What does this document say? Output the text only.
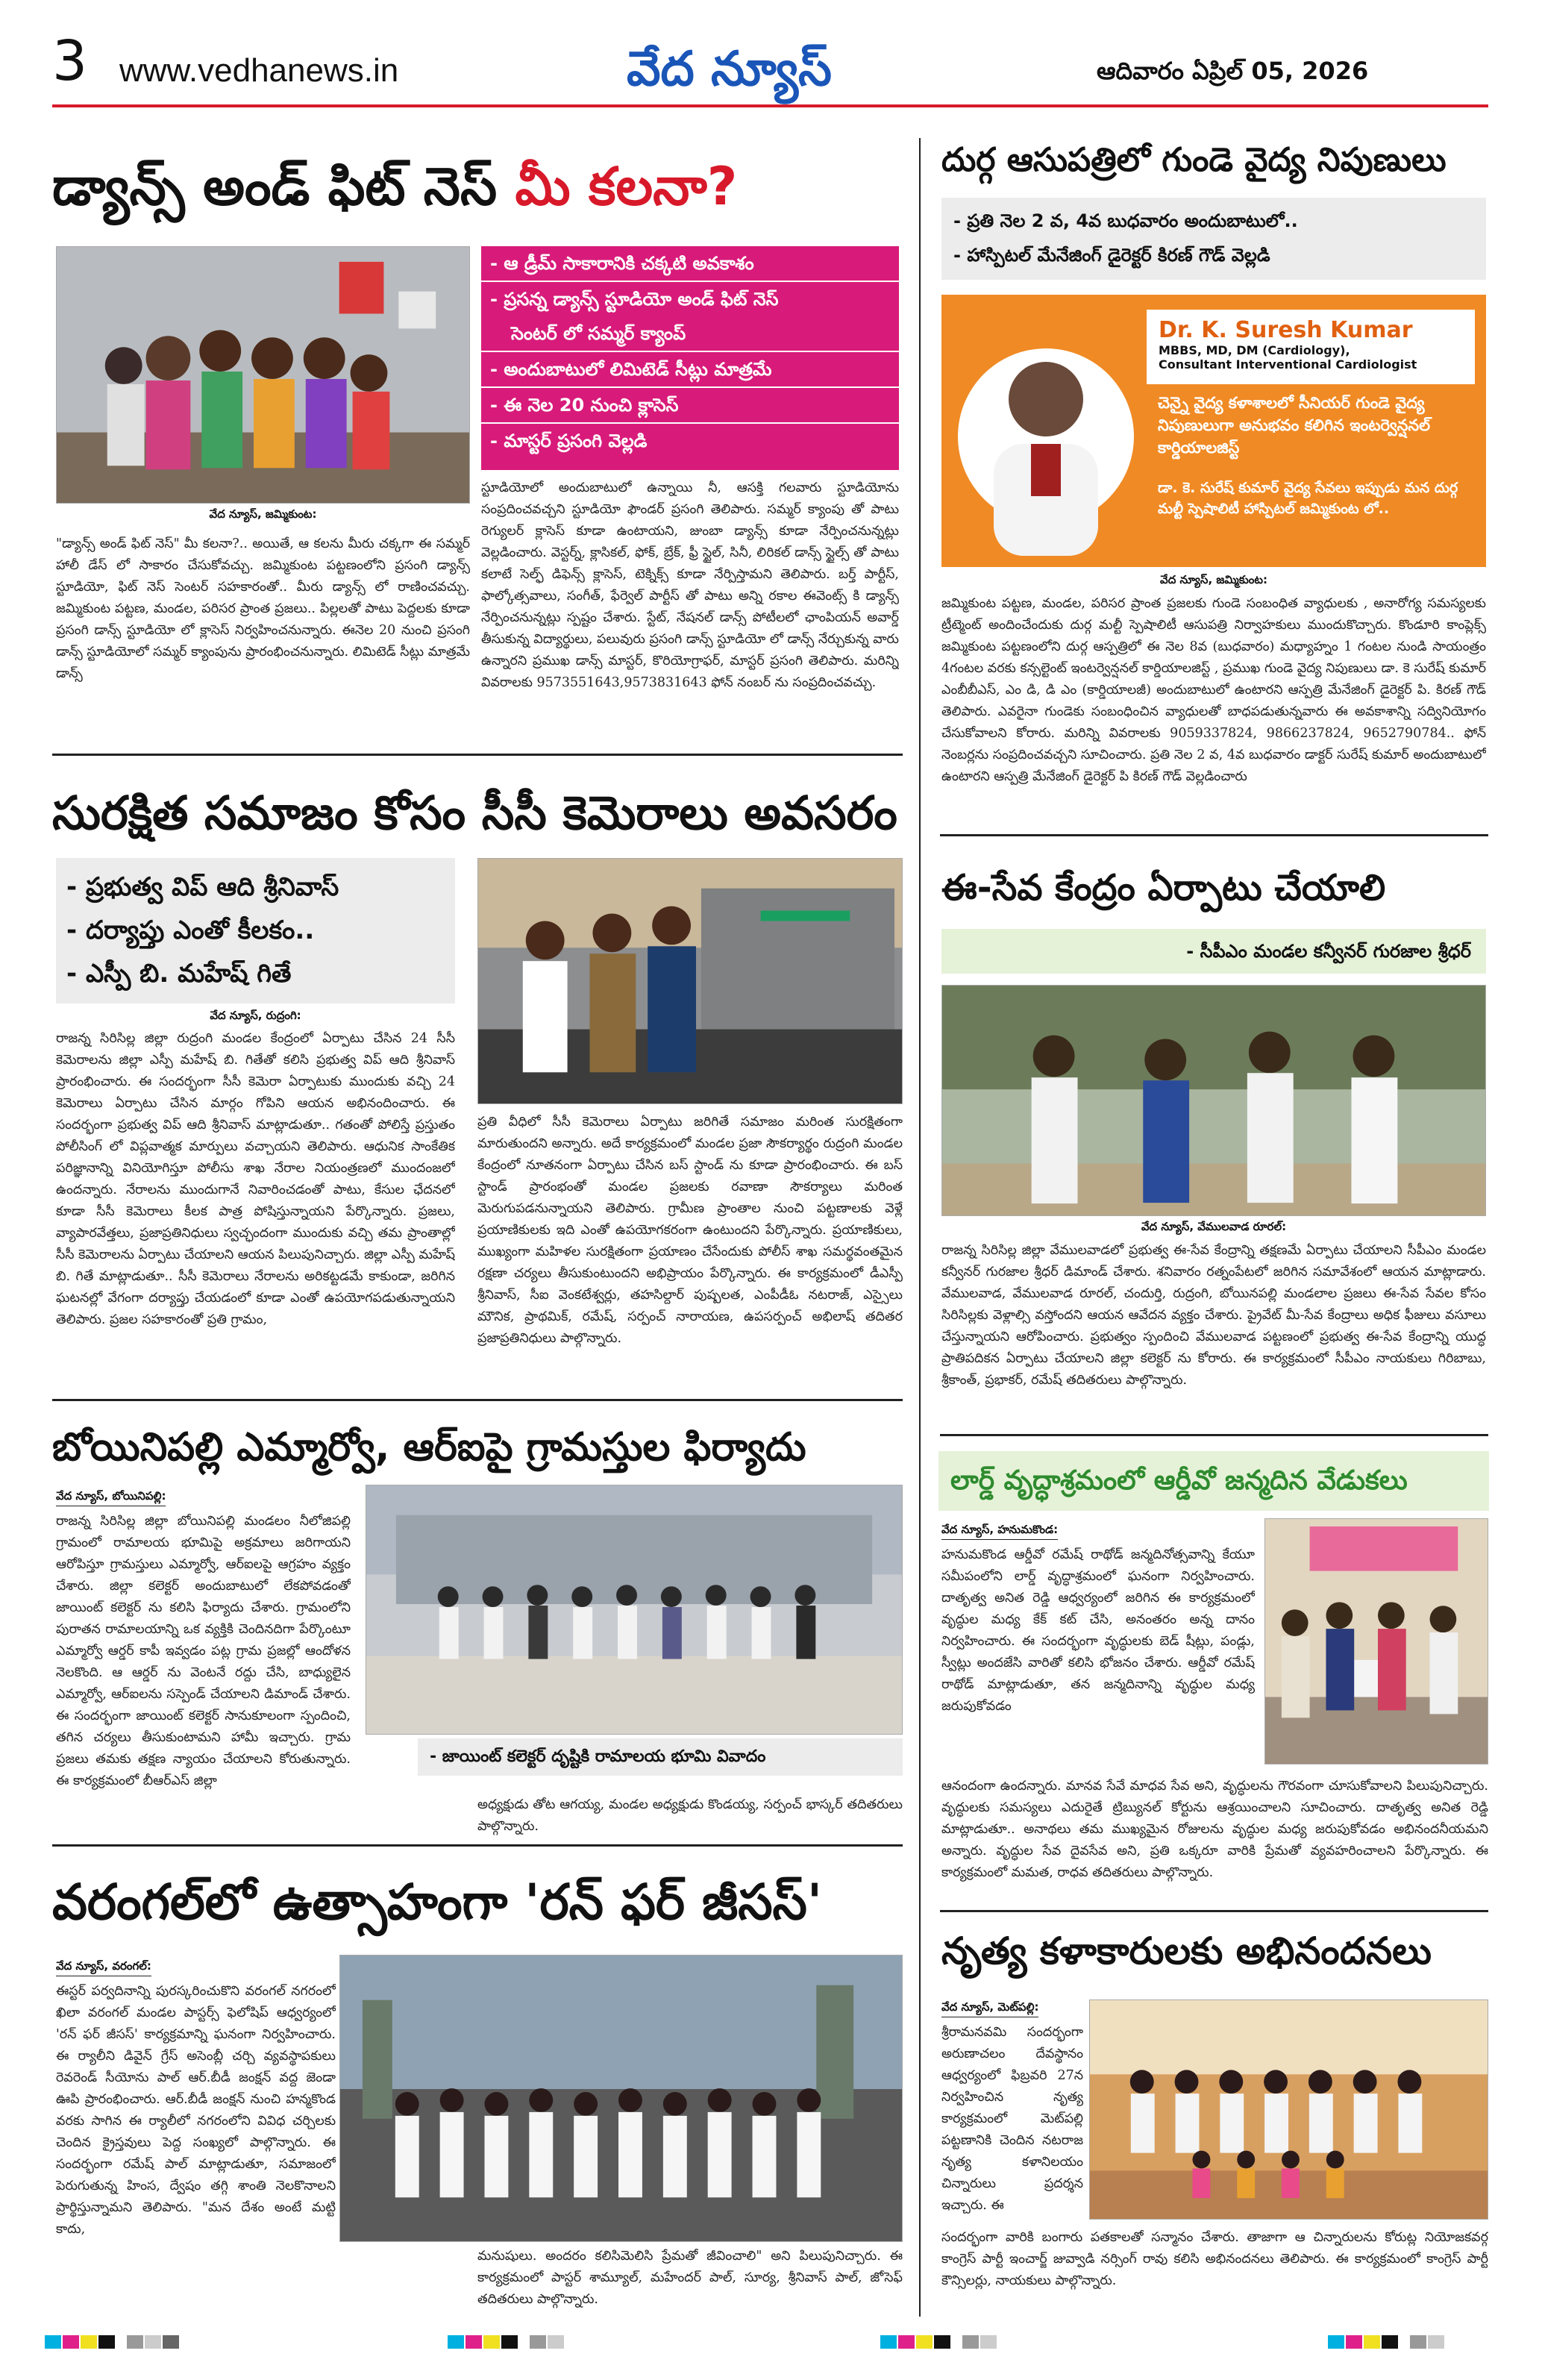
3 www.vedhanews.in	వేద న్యూస్	ఆదివారం ఏప్రిల్ 05, 2026
డ్యాన్స్ అండ్ ఫిట్ నెస్ మీ కలనా?
వేద న్యూస్, జమ్మికుంట:
- ఆ డ్రీమ్ సాకారానికి చక్కటి అవకాశం
- ప్రసన్న డ్యాన్స్ స్టూడియో అండ్ ఫిట్ నెస్
సెంటర్ లో సమ్మర్ క్యాంప్
- అందుబాటులో లిమిటెడ్ సీట్లు మాత్రమే
- ఈ నెల 20 నుంచి క్లాసెస్
- మాస్టర్ ప్రసంగి వెల్లడి
స్టూడియోలో అందుబాటులో ఉన్నాయి నీ, ఆసక్తి గలవారు స్టూడియోను సంప్రదించవచ్చని స్టూడియో ఫౌండర్ ప్రసంగి తెలిపారు. సమ్మర్ క్యాంపు తో పాటు రెగ్యులర్ క్లాసెస్ కూడా ఉంటాయని, జుంబా డ్యాన్స్ కూడా నేర్పించనున్నట్లు వెల్లడించారు. వెస్టర్న్, క్లాసికల్, ఫోక్, బ్రేక్, ఫ్రీ స్టైల్, సినీ, లిరికల్ డాన్స్ స్టైల్స్ తో పాటు కలాటే సెల్ఫ్ డిఫెన్స్ క్లాసెస్, టెక్నిక్స్ కూడా నేర్పిస్తామని తెలిపారు. బర్త్ పార్టీస్, ఫాల్కోత్సవాలు, సంగీత్, ఫేర్వెల్ పార్టీస్ తో పాటు అన్ని రకాల ఈవెంట్స్ కి డ్యాన్స్ నేర్పించనున్నట్లు స్పష్టం చేశారు. స్టేట్, నేషనల్ డాన్స్ పోటీలలో ఛాంపియన్ అవార్డ్ తీసుకున్న విద్యార్థులు, పలువురు ప్రసంగి డాన్స్ స్టూడియో లో డాన్స్ నేర్చుకున్న వారు ఉన్నారని ప్రముఖ డాన్స్ మాస్టర్, కొరియోగ్రాఫర్, మాస్టర్ ప్రసంగి తెలిపారు. మరిన్ని వివరాలకు 9573551643,9573831643 ఫోన్ నంబర్ ను సంప్రదించవచ్చు.
"డ్యాన్స్ అండ్ ఫిట్ నెస్" మీ కలనా?.. అయితే, ఆ కలను మీరు చక్కగా ఈ సమ్మర్ హాలీ డేస్ లో సాకారం చేసుకోవచ్చు. జమ్మికుంట పట్టణంలోని ప్రసంగి డ్యాన్స్ స్టూడియో, ఫిట్ నెస్ సెంటర్ సహకారంతో.. మీరు డ్యాన్స్ లో రాణించవచ్చు. జమ్మికుంట పట్టణ, మండల, పరిసర ప్రాంత ప్రజలు.. పిల్లలతో పాటు పెద్దలకు కూడా ప్రసంగి డాన్స్ స్టూడియో లో క్లాసెస్ నిర్వహించనున్నారు. ఈనెల 20 నుంచి ప్రసంగి డాన్స్ స్టూడియోలో సమ్మర్ క్యాంపును ప్రారంభించనున్నారు. లిమిటెడ్ సీట్లు మాత్రమే డాన్స్
దుర్గ ఆసుపత్రిలో గుండె వైద్య నిపుణులు
- ప్రతి నెల 2 వ, 4వ బుధవారం అందుబాటులో..
- హాస్పిటల్ మేనేజింగ్ డైరెక్టర్ కిరణ్ గౌడ్ వెల్లడి
Dr. K. Suresh Kumar
MBBS, MD, DM (Cardiology),
Consultant Interventional Cardiologist
చెన్నై వైద్య కళాశాలలో సీనియర్ గుండె వైద్య నిపుణులుగా అనుభవం కలిగిన ఇంటర్వెన్షనల్ కార్డియాలజిస్ట్
డా. కె. సురేష్ కుమార్ వైద్య సేవలు ఇప్పుడు మన దుర్గ మల్టీ స్పెషాలిటీ హాస్పిటల్ జమ్మికుంట లో..
వేద న్యూస్, జమ్మికుంట:
జమ్మికుంట పట్టణ, మండల, పరిసర ప్రాంత ప్రజలకు గుండె సంబంధిత వ్యాధులకు , అనారోగ్య సమస్యలకు ట్రీట్మెంట్ అందించేందుకు దుర్గ మల్టీ స్పెషాలిటీ ఆసుపత్రి నిర్వాహకులు ముందుకొచ్చారు. కొండూరి కాంప్లెక్స్ జమ్మికుంట పట్టణంలోని దుర్గ ఆస్పత్రిలో ఈ నెల 8వ (బుధవారం) మధ్యాహ్నం 1 గంటల నుండి సాయంత్రం 4గంటల వరకు కన్సల్టెంట్ ఇంటర్వెన్షనల్ కార్డియాలజిస్ట్ , ప్రముఖ గుండె వైద్య నిపుణులు డా. కె సురేష్ కుమార్ ఎంబీబీఎస్, ఎం డి, డి ఎం (కార్డియాలజీ) అందుబాటులో ఉంటారని ఆస్పత్రి మేనేజింగ్ డైరెక్టర్ పి. కిరణ్ గౌడ్ తెలిపారు. ఎవరైనా గుండెకు సంబంధించిన వ్యాధులతో బాధపడుతున్నవారు ఈ అవకాశాన్ని సద్వినియోగం చేసుకోవాలని కోరారు. మరిన్ని వివరాలకు 9059337824, 9866237824, 9652790784.. ఫోన్ నెంబర్లను సంప్రదించవచ్చని సూచించారు. ప్రతి నెల 2 వ, 4వ బుధవారం డాక్టర్ సురేష్ కుమార్ అందుబాటులో ఉంటారని ఆస్పత్రి మేనేజింగ్ డైరెక్టర్ పి కిరణ్ గౌడ్ వెల్లడించారు
సురక్షిత సమాజం కోసం సీసీ కెమెరాలు అవసరం
- ప్రభుత్వ విప్ ఆది శ్రీనివాస్
- దర్యాప్తు ఎంతో కీలకం..
- ఎస్పీ బి. మహేష్ గితే
వేద న్యూస్, రుద్రంగి:
రాజన్న సిరిసిల్ల జిల్లా రుద్రంగి మండల కేంద్రంలో ఏర్పాటు చేసిన 24 సీసీ కెమెరాలను జిల్లా ఎస్పీ మహేష్ బి. గితేతో కలిసి ప్రభుత్వ విప్ ఆది శ్రీనివాస్ ప్రారంభించారు. ఈ సందర్భంగా సీసీ కెమెరా ఏర్పాటుకు ముందుకు వచ్చి 24 కెమెరాలు ఏర్పాటు చేసిన మార్గం గోపిని ఆయన అభినందించారు. ఈ సందర్భంగా ప్రభుత్వ విప్ ఆది శ్రీనివాస్ మాట్లాడుతూ.. గతంతో పోలిస్తే ప్రస్తుతం పోలీసింగ్ లో విప్లవాత్మక మార్పులు వచ్చాయని తెలిపారు. ఆధునిక సాంకేతిక పరిజ్ఞానాన్ని వినియోగిస్తూ పోలీసు శాఖ నేరాల నియంత్రణలో ముందంజలో ఉందన్నారు. నేరాలను ముందుగానే నివారించడంతో పాటు, కేసుల ఛేదనలో కూడా సీసీ కెమెరాలు కీలక పాత్ర పోషిస్తున్నాయని పేర్కొన్నారు. ప్రజలు, వ్యాపారవేత్తలు, ప్రజాప్రతినిధులు స్వచ్ఛందంగా ముందుకు వచ్చి తమ ప్రాంతాల్లో సీసీ కెమెరాలను ఏర్పాటు చేయాలని ఆయన పిలుపునిచ్చారు. జిల్లా ఎస్పీ మహేష్ బి. గితే మాట్లాడుతూ.. సీసీ కెమెరాలు నేరాలను అరికట్టడమే కాకుండా, జరిగిన ఘటనల్లో వేగంగా దర్యాప్తు చేయడంలో కూడా ఎంతో ఉపయోగపడుతున్నాయని తెలిపారు. ప్రజల సహకారంతో ప్రతి గ్రామం,
ప్రతి వీధిలో సీసీ కెమెరాలు ఏర్పాటు జరిగితే సమాజం మరింత సురక్షితంగా మారుతుందని అన్నారు. అదే కార్యక్రమంలో మండల ప్రజా సౌకర్యార్థం రుద్రంగి మండల కేంద్రంలో నూతనంగా ఏర్పాటు చేసిన బస్ స్టాండ్ ను కూడా ప్రారంభించారు. ఈ బస్ స్టాండ్ ప్రారంభంతో మండల ప్రజలకు రవాణా సౌకర్యాలు మరింత మెరుగుపడనున్నాయని తెలిపారు. గ్రామీణ ప్రాంతాల నుంచి పట్టణాలకు వెళ్లే ప్రయాణికులకు ఇది ఎంతో ఉపయోగకరంగా ఉంటుందని పేర్కొన్నారు. ప్రయాణికులు, ముఖ్యంగా మహిళల సురక్షితంగా ప్రయాణం చేసేందుకు పోలీస్ శాఖ సమర్థవంతమైన రక్షణా చర్యలు తీసుకుంటుందని అభిప్రాయం పేర్కొన్నారు. ఈ కార్యక్రమంలో డీఎస్పీ శ్రీనివాస్, సీఐ వెంకటేశ్వర్లు, తహసిల్దార్ పుష్పలత, ఎంపీడీఓ నటరాజ్, ఎస్సైలు మౌనిక, ప్రాథమిక్, రమేష్, సర్పంచ్ నారాయణ, ఉపసర్పంచ్ అభిలాష్ తదితర ప్రజాప్రతినిధులు పాల్గొన్నారు.
ఈ-సేవ కేంద్రం ఏర్పాటు చేయాలి
- సీపీఎం మండల కన్వీనర్ గురజాల శ్రీధర్
వేద న్యూస్, వేములవాడ రూరల్:
రాజన్న సిరిసిల్ల జిల్లా వేములవాడలో ప్రభుత్వ ఈ-సేవ కేంద్రాన్ని తక్షణమే ఏర్పాటు చేయాలని సీపీఎం మండల కన్వీనర్ గురజాల శ్రీధర్ డిమాండ్ చేశారు. శనివారం రత్నంపేటలో జరిగిన సమావేశంలో ఆయన మాట్లాడారు. వేములవాడ, వేములవాడ రూరల్, చందుర్తి, రుద్రంగి, బోయినపల్లి మండలాల ప్రజలు ఈ-సేవ సేవల కోసం సిరిసిల్లకు వెళ్లాల్సి వస్తోందని ఆయన ఆవేదన వ్యక్తం చేశారు. ప్రైవేట్ మీ-సేవ కేంద్రాలు అధిక ఫీజులు వసూలు చేస్తున్నాయని ఆరోపించారు. ప్రభుత్వం స్పందించి వేములవాడ పట్టణంలో ప్రభుత్వ ఈ-సేవ కేంద్రాన్ని యుద్ధ ప్రాతిపదికన ఏర్పాటు చేయాలని జిల్లా కలెక్టర్ ను కోరారు. ఈ కార్యక్రమంలో సీపీఎం నాయకులు గిరిబాబు, శ్రీకాంత్, ప్రభాకర్, రమేష్ తదితరులు పాల్గొన్నారు.
బోయినిపల్లి ఎమ్మార్వో, ఆర్ఐపై గ్రామస్తుల ఫిర్యాదు
వేద న్యూస్, బోయినిపల్లి:
రాజన్న సిరిసిల్ల జిల్లా బోయినిపల్లి మండలం నీలోజిపల్లి గ్రామంలో రామాలయ భూమిపై అక్రమాలు జరిగాయని ఆరోపిస్తూ గ్రామస్తులు ఎమ్మార్వో, ఆర్ఐలపై ఆగ్రహం వ్యక్తం చేశారు. జిల్లా కలెక్టర్ అందుబాటులో లేకపోవడంతో జాయింట్ కలెక్టర్ ను కలిసి ఫిర్యాదు చేశారు. గ్రామంలోని పురాతన రామాలయాన్ని ఒక వ్యక్తికి చెందినదిగా పేర్కొంటూ ఎమ్మార్వో ఆర్డర్ కాపీ ఇవ్వడం పట్ల గ్రామ ప్రజల్లో ఆందోళన నెలకొంది. ఆ ఆర్డర్ ను వెంటనే రద్దు చేసి, బాధ్యులైన ఎమ్మార్వో, ఆర్ఐలను సస్పెండ్ చేయాలని డిమాండ్ చేశారు. ఈ సందర్భంగా జాయింట్ కలెక్టర్ సానుకూలంగా స్పందించి, తగిన చర్యలు తీసుకుంటామని హామీ ఇచ్చారు. గ్రామ ప్రజలు తమకు తక్షణ న్యాయం చేయాలని కోరుతున్నారు. ఈ కార్యక్రమంలో బీఆర్ఎస్ జిల్లా
- జాయింట్ కలెక్టర్ దృష్టికి రామాలయ భూమి వివాదం
అధ్యక్షుడు తోట ఆగయ్య, మండల అధ్యక్షుడు కొండయ్య, సర్పంచ్ భాస్కర్ తదితరులు పాల్గొన్నారు.
లార్డ్ వృద్ధాశ్రమంలో ఆర్డీవో జన్మదిన వేడుకలు
వేద న్యూస్, హనుమకొండ:
హనుమకొండ ఆర్డీవో రమేష్ రాథోడ్ జన్మదినోత్సవాన్ని కేయూ సమీపంలోని లార్డ్ వృద్ధాశ్రమంలో ఘనంగా నిర్వహించారు. దాతృత్వ అనిత రెడ్డి ఆధ్వర్యంలో జరిగిన ఈ కార్యక్రమంలో వృద్ధుల మధ్య కేక్ కట్ చేసి, అనంతరం అన్న దానం నిర్వహించారు. ఈ సందర్భంగా వృద్ధులకు బెడ్ షీట్లు, పండ్లు, స్వీట్లు అందజేసి వారితో కలిసి భోజనం చేశారు. ఆర్డీవో రమేష్ రాథోడ్ మాట్లాడుతూ, తన జన్మదినాన్ని వృద్ధుల మధ్య జరుపుకోవడం
ఆనందంగా ఉందన్నారు. మానవ సేవే మాధవ సేవ అని, వృద్ధులను గౌరవంగా చూసుకోవాలని పిలుపునిచ్చారు. వృద్ధులకు సమస్యలు ఎదురైతే ట్రిబ్యునల్ కోర్టును ఆశ్రయించాలని సూచించారు. దాతృత్వ అనిత రెడ్డి మాట్లాడుతూ.. అనాథలు తమ ముఖ్యమైన రోజులను వృద్ధుల మధ్య జరుపుకోవడం అభినందనీయమని అన్నారు. వృద్ధుల సేవ దైవసేవ అని, ప్రతి ఒక్కరూ వారికి ప్రేమతో వ్యవహరించాలని పేర్కొన్నారు. ఈ కార్యక్రమంలో మమత, రాధవ తదితరులు పాల్గొన్నారు.
వరంగల్‌లో ఉత్సాహంగా 'రన్ ఫర్ జీసస్'
వేద న్యూస్, వరంగల్:
ఈస్టర్ పర్వదినాన్ని పురస్కరించుకొని వరంగల్ నగరంలో ఖిలా వరంగల్ మండల పాస్టర్స్ ఫెలోషిప్ ఆధ్వర్యంలో 'రన్ ఫర్ జీసస్' కార్యక్రమాన్ని ఘనంగా నిర్వహించారు. ఈ ర్యాలీని డివైన్ గ్రేస్ అసెంబ్లీ చర్చి వ్యవస్థాపకులు రెవరెండ్ సీయోను పాల్ ఆర్.బీడీ జంక్షన్ వద్ద జెండా ఊపి ప్రారంభించారు. ఆర్.బీడీ జంక్షన్ నుంచి హన్మకొండ వరకు సాగిన ఈ ర్యాలీలో నగరంలోని వివిధ చర్చిలకు చెందిన క్రైస్తవులు పెద్ద సంఖ్యలో పాల్గొన్నారు. ఈ సందర్భంగా రమేష్ పాల్ మాట్లాడుతూ, సమాజంలో పెరుగుతున్న హింస, ద్వేషం తగ్గి శాంతి నెలకొనాలని ప్రార్థిస్తున్నామని తెలిపారు. "మన దేశం అంటే మట్టి కాదు,
మనుషులు. అందరం కలిసిమెలిసి ప్రేమతో జీవించాలి" అని పిలుపునిచ్చారు. ఈ కార్యక్రమంలో పాస్టర్ శామ్యూల్, మహేందర్ పాల్, సూర్య, శ్రీనివాస్ పాల్, జోసెఫ్ తదితరులు పాల్గొన్నారు.
నృత్య కళాకారులకు అభినందనలు
వేద న్యూస్, మెట్‌పల్లి:
శ్రీరామనవమి సందర్భంగా అరుణాచలం దేవస్థానం ఆధ్వర్యంలో ఫిబ్రవరి 27న నిర్వహించిన నృత్య కార్యక్రమంలో మెట్‌పల్లి పట్టణానికి చెందిన నటరాజ నృత్య కళానిలయం చిన్నారులు ప్రదర్శన ఇచ్చారు. ఈ
సందర్భంగా వారికి బంగారు పతకాలతో సన్మానం చేశారు. తాజాగా ఆ చిన్నారులను కోరుట్ల నియోజకవర్గ కాంగ్రెస్ పార్టీ ఇంచార్జ్ జువ్వాడి నర్సింగ్ రావు కలిసి అభినందనలు తెలిపారు. ఈ కార్యక్రమంలో కాంగ్రెస్ పార్టీ కౌన్సిలర్లు, నాయకులు పాల్గొన్నారు.
